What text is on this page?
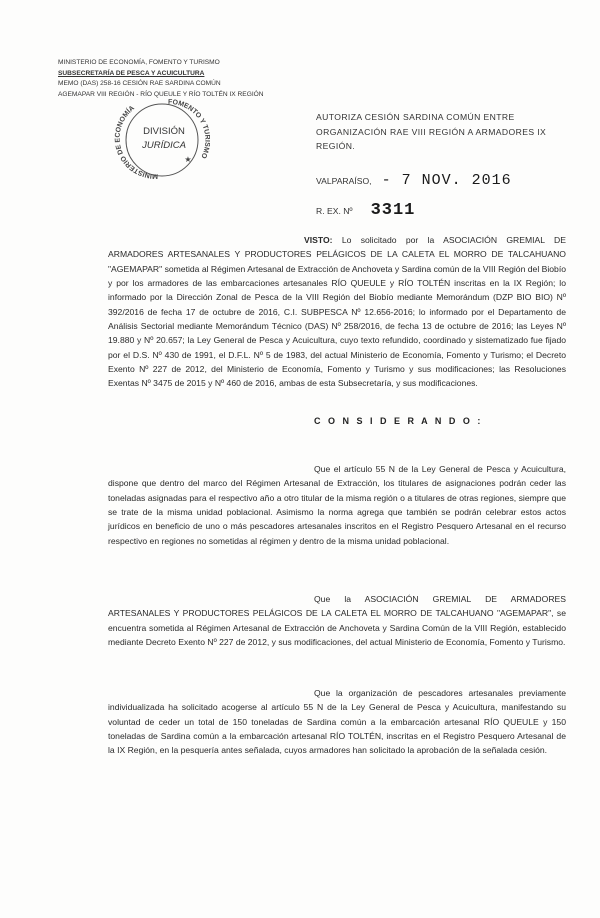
MINISTERIO DE ECONOMÍA, FOMENTO Y TURISMO
SUBSECRETARÍA DE PESCA Y ACUICULTURA
MEMO (DAS) 258-16 CESIÓN RAE SARDINA COMÚN
AGEMAPAR VIII REGIÓN - RÍO QUEULE Y RÍO TOLTÉN IX REGIÓN
MINISTERIO DE ECONOMÍA
FOMENTO Y TURISMO
DIVISIÓN
JURÍDICA
★
AUTORIZA CESIÓN SARDINA COMÚN ENTRE ORGANIZACIÓN RAE VIII REGIÓN A ARMADORES IX REGIÓN.
VALPARAÍSO, - 7 NOV. 2016
R. EX. Nº 3311
VISTO: Lo solicitado por la ASOCIACIÓN GREMIAL DE ARMADORES ARTESANALES Y PRODUCTORES PELÁGICOS DE LA CALETA EL MORRO DE TALCAHUANO "AGEMAPAR" sometida al Régimen Artesanal de Extracción de Anchoveta y Sardina común de la VIII Región del Biobío y por los armadores de las embarcaciones artesanales RÍO QUEULE y RÍO TOLTÉN inscritas en la IX Región; lo informado por la Dirección Zonal de Pesca de la VIII Región del Biobío mediante Memorándum (DZP BIO BIO) Nº 392/2016 de fecha 17 de octubre de 2016, C.I. SUBPESCA Nº 12.656-2016; lo informado por el Departamento de Análisis Sectorial mediante Memorándum Técnico (DAS) Nº 258/2016, de fecha 13 de octubre de 2016; las Leyes Nº 19.880 y Nº 20.657; la Ley General de Pesca y Acuicultura, cuyo texto refundido, coordinado y sistematizado fue fijado por el D.S. Nº 430 de 1991, el D.F.L. Nº 5 de 1983, del actual Ministerio de Economía, Fomento y Turismo; el Decreto Exento Nº 227 de 2012, del Ministerio de Economía, Fomento y Turismo y sus modificaciones; las Resoluciones Exentas Nº 3475 de 2015 y Nº 460 de 2016, ambas de esta Subsecretaría, y sus modificaciones.
C O N S I D E R A N D O :
Que el artículo 55 N de la Ley General de Pesca y Acuicultura, dispone que dentro del marco del Régimen Artesanal de Extracción, los titulares de asignaciones podrán ceder las toneladas asignadas para el respectivo año a otro titular de la misma región o a titulares de otras regiones, siempre que se trate de la misma unidad poblacional. Asimismo la norma agrega que también se podrán celebrar estos actos jurídicos en beneficio de uno o más pescadores artesanales inscritos en el Registro Pesquero Artesanal en el recurso respectivo en regiones no sometidas al régimen y dentro de la misma unidad poblacional.
Que la ASOCIACIÓN GREMIAL DE ARMADORES ARTESANALES Y PRODUCTORES PELÁGICOS DE LA CALETA EL MORRO DE TALCAHUANO "AGEMAPAR", se encuentra sometida al Régimen Artesanal de Extracción de Anchoveta y Sardina Común de la VIII Región, establecido mediante Decreto Exento Nº 227 de 2012, y sus modificaciones, del actual Ministerio de Economía, Fomento y Turismo.
Que la organización de pescadores artesanales previamente individualizada ha solicitado acogerse al artículo 55 N de la Ley General de Pesca y Acuicultura, manifestando su voluntad de ceder un total de 150 toneladas de Sardina común a la embarcación artesanal RÍO QUEULE y 150 toneladas de Sardina común a la embarcación artesanal RÍO TOLTÉN, inscritas en el Registro Pesquero Artesanal de la IX Región, en la pesquería antes señalada, cuyos armadores han solicitado la aprobación de la señalada cesión.
